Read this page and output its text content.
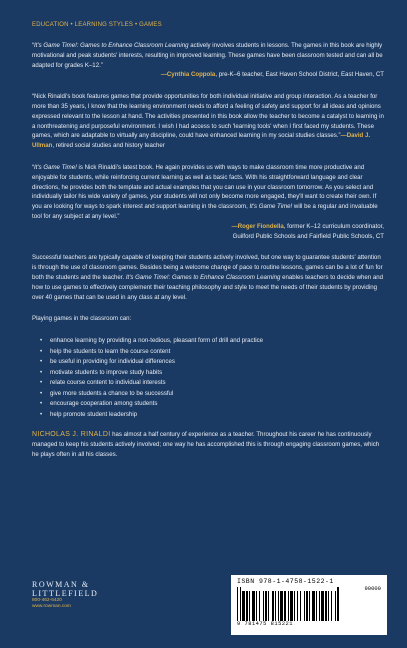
EDUCATION • LEARNING STYLES • GAMES

“It's Game Time!: Games to Enhance Classroom Learning actively involves students in lessons. The games in this book are highly motivational and peak students' interests, resulting in improved learning. These games have been classroom tested and can all be adapted for grades K–12.”
—Cynthia Coppola, pre-K–6 teacher, East Haven School District, East Haven, CT

“Nick Rinaldi's book features games that provide opportunities for both individual initiative and group interaction. As a teacher for more than 35 years, I know that the learning environment needs to afford a feeling of safety and support for all ideas and opinions expressed relevant to the lesson at hand. The activities presented in this book allow the teacher to become a catalyst to learning in a nonthreatening and purposeful environment. I wish I had access to such 'learning tools' when I first faced my students. These games, which are adaptable to virtually any discipline, could have enhanced learning in my social studies classes.”—David J. Ullman, retired social studies and history teacher

“It's Game Time! is Nick Rinaldi's latest book. He again provides us with ways to make classroom time more productive and enjoyable for students, while reinforcing current learning as well as basic facts. With his straightforward language and clear directions, he provides both the template and actual examples that you can use in your classroom tomorrow. As you select and individually tailor his wide variety of games, your students will not only become more engaged, they'll want to create their own. If you are looking for ways to spark interest and support learning in the classroom, It's Game Time! will be a regular and invaluable tool for any subject at any level.”
—Roger Fiondella, former K–12 curriculum coordinator,
Guilford Public Schools and Fairfield Public Schools, CT

Successful teachers are typically capable of keeping their students actively involved, but one way to guarantee students' attention is through the use of classroom games. Besides being a welcome change of pace to routine lessons, games can be a lot of fun for both the students and the teacher. It's Game Time!: Games to Enhance Classroom Learning enables teachers to decide when and how to use games to effectively complement their teaching philosophy and style to meet the needs of their students by providing over 40 games that can be used in any class at any level.

Playing games in the classroom can:

• enhance learning by providing a non-tedious, pleasant form of drill and practice
• help the students to learn the course content
• be useful in providing for individual differences
• motivate students to improve study habits
• relate course content to individual interests
• give more students a chance to be successful
• encourage cooperation among students
• help promote student leadership

NICHOLAS J. RINALDI has almost a half century of experience as a teacher. Throughout his career he has continuously managed to keep his students actively involved; one way he has accomplished this is through engaging classroom games, which he plays often in all his classes.

ROWMAN &
LITTLEFIELD
800-462-6420
www.rowman.com
ISBN 978-1-4758-1522-1
9 781475 815221
90000
